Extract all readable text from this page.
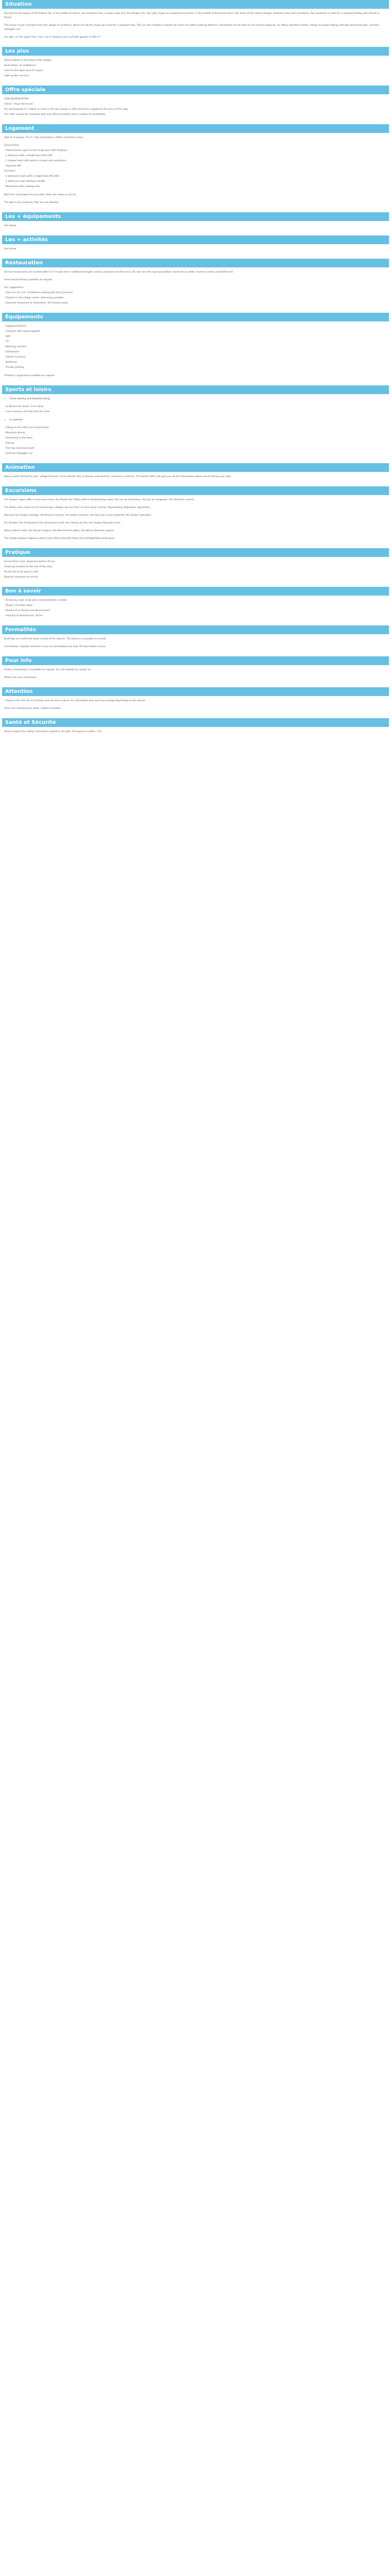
Situation
Perched on the slopes of the Prieuré hill, in the middle of nature, our residence has a unique view over the Vosges hills. Your gîte enjoys an exceptional location. In the middle of the forest and in the heart of the Hautes-Vosges, between lakes and mountains. Our residence is ideal for a relaxing holiday with friends or family.
The house is just 5 minutes from the village of La Bresse, which has all the shops you need for a pleasant stay. The Lac des Corbeaux and the ski resort are within walking distance. Gérardmer and its lake are 20 minutes away by car. Many activities nearby: hiking, mountain biking, tree-top adventure park, summer toboggan run.
Our gîte, on the upper floor, has a 10 m² balcony and a private garden of 300 m².
Les plus
Ideal location in the heart of the Vosges
Quiet place, no neighbours
Close to the lakes and ski slopes
High quality services
Offre spéciale
LOW-SEASON OFFER
(Valid: 7 days minimum)
For any booking of 7 nights or more in the low season, a 10% discount is applied to the price of the stay.
This offer cannot be combined with any other promotion and is subject to availability.
Logement
Gîte for 6 people, 75 m², fully renovated in 2020, classified 3 stars.
Ground floor:
- Fitted kitchen open to the living room with fireplace
- 1 bedroom with a double bed 160×200
- 1 shower room with walk-in shower and washbasin
- Separate WC
First floor:
- 2 bedrooms each with 2 single beds 90×200
- 1 bathroom with bathtub and WC
- Mezzanine with reading area
Bed linen and towels are provided. Beds are made on arrival.
The gîte is non-smoking. Pets are not allowed.
Les + équipements
See below
Les + activités
See below
Restauration
Several restaurants are located within a 5-minute drive: traditional Vosges cuisine, pizzerias and farm-inns. Do not miss the local specialities: tourte de la vallée, munster cheese, brimbelle tart.
Fresh bread delivery possible on request.
Our suggestions:
- Farm-inn at 2 km: traditional cooking with farm products
- Pizzeria in the village center, take-away possible
- Gourmet restaurant at Gérardmer, 20 minutes away
Équipements
- Equipped kitchen
- Fireplace with wood supplied
- Wifi
- TV
- Washing machine
- Dishwasher
- Garden furniture
- Barbecue
- Private parking
Children's equipment available on request.
Sports et loisirs
• Cross-country and downhill skiing:
- La Bresse ski resort, 3 km away
- Cross-country ski trails from the door
• In summer:
- Hiking on the GR5 and marked trails
- Mountain biking
- Swimming in the lakes
- Fishing
- Tree-top adventure park
- Summer toboggan run
Animation
Many events during the year: village festivals, local markets, the La Bresse snow festival, concerts in summer. The tourist office will give you all the information about events during your stay.
Excursions
The Vosges region offers many excursions: the Route des Crêtes with its breathtaking views, the Lac de Gérardmer, the Lac de Longemer, the Hohneck summit.
The Alsace wine route and its picturesque villages are less than an hour away: Colmar, Kaysersberg, Riquewihr, Eguisheim.
Discover the Vosges heritage: the Bresse museum, the textile museum, the Saut des Cuves waterfall, the Tendon waterfalls.
For families: the Fraispertuis City amusement park, the Champ du Feu, the Vosges Mountain Farm.
Many cultural visits: the Épinal imagery, the Remiremont abbey, the Nancy Stanislas square.
The Vosges balloon regional natural park offers beautiful hikes and unforgettable landscapes.
Pratique
Arrival from 4 pm, departure before 10 am.
Cleaning included at the end of the stay.
Tourist tax to be paid on site.
Deposit requested on arrival.
Bon à savoir
- Access by road, snow tyres recommended in winter
- Shops 5 minutes away
- Station at La Bresse and Remiremont
- Hospital at Remiremont, 20 km
Formalités
Bookings are confirmed upon receipt of the deposit. The balance is payable on arrival.
Cancellation: deposit retained in case of cancellation less than 30 days before arrival.
Pour info
Further information is available on request. Do not hesitate to contact us.
Photos are non-contractual.
Attention
* Please note: the list of activities and services is given for information only and may change depending on the season.
Prices are indicated per week, utilities included.
Santé et Sécurité
Please respect the safety instructions posted in the gîte. Emergency number: 112.
